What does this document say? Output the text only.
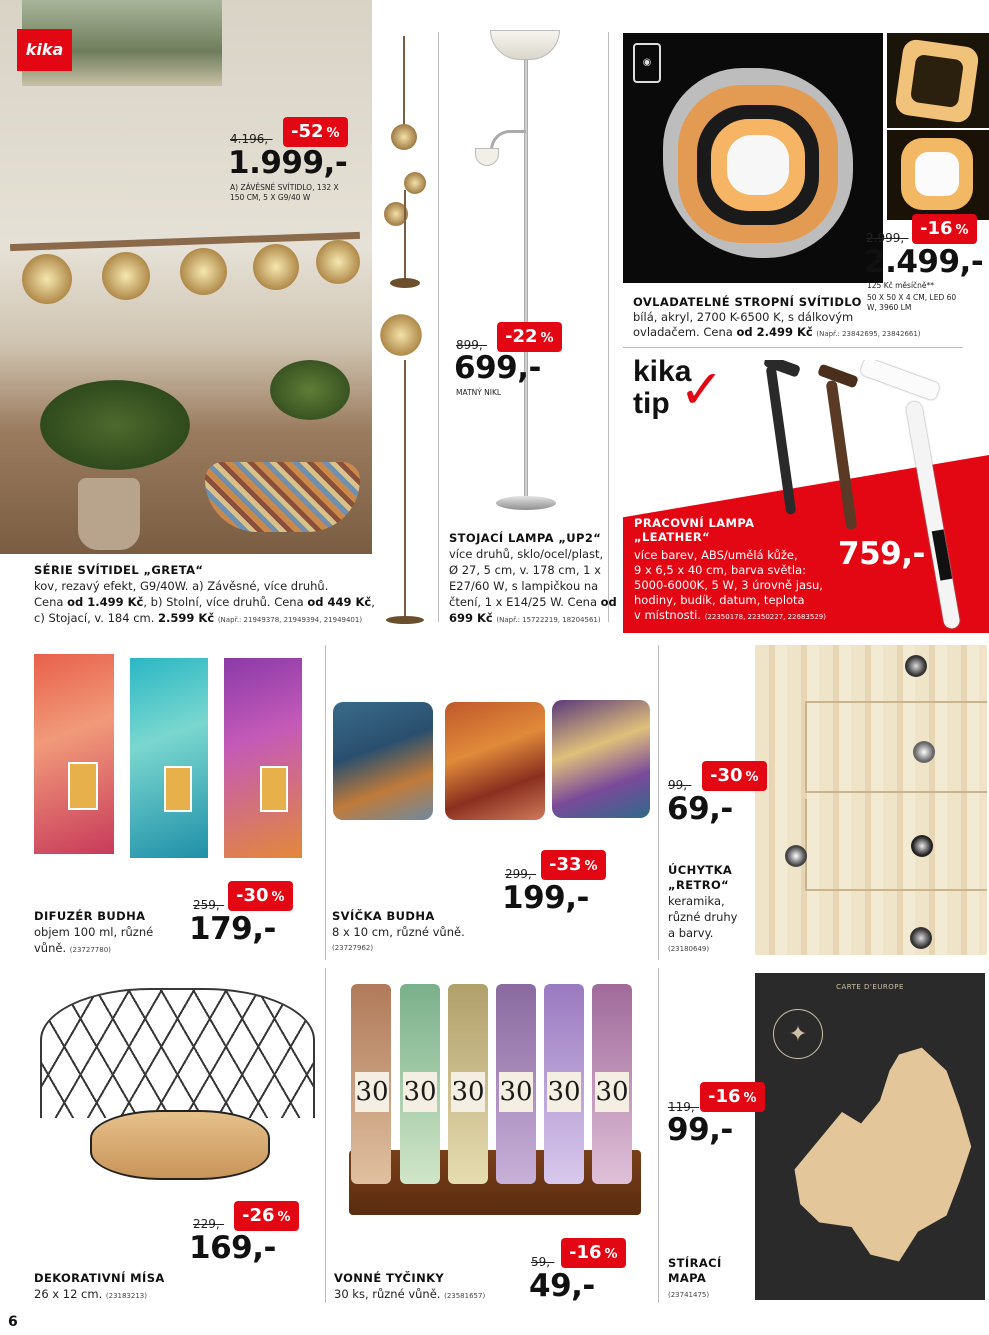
kika
4.196,-	-52 %
1.999,-
A) ZÁVĚSNÉ SVÍTIDLO, 132 X 150 CM, 5 X G9/40 W
899,- -22 %
699,-
MATNÝ NIKL
◉
2.999,- -16 %
2.499,-
125 Kč měsíčně**
50 X 50 X 4 CM, LED 60 W, 3960 LM
OVLADATELNÉ STROPNÍ SVÍTIDLO
bílá, akryl, 2700 K-6500 K, s dálkovým
ovladačem. Cena od 2.499 Kč (Např.: 23842695, 23842661)
kika
tip ✓
PRACOVNÍ LAMPA „LEATHER“	759,-
více barev, ABS/umělá kůže,
9 x 6,5 x 40 cm, barva světla:
5000-6000K, 5 W, 3 úrovně jasu,
hodiny, budík, datum, teplota
v místnosti. (22350178, 22350227, 22683529)
SÉRIE SVÍTIDEL „GRETA“
kov, rezavý efekt, G9/40W. a) Závěsné, více druhů.
Cena od 1.499 Kč, b) Stolní, více druhů. Cena od 449 Kč,
c) Stojací, v. 184 cm. 2.599 Kč (Např.: 21949378, 21949394, 21949401)
STOJACÍ LAMPA „UP2“
více druhů, sklo/ocel/plast,
Ø 27, 5 cm, v. 178 cm, 1 x
E27/60 W, s lampičkou na
čtení, 1 x E14/25 W. Cena od
699 Kč (Např.: 15722219, 18204561)
259,- -30 %
179,-
DIFUZÉR BUDHA
objem 100 ml, různé
vůně. (23727780)
299,- -33 %
199,-
SVÍČKA BUDHA
8 x 10 cm, různé vůně.
(23727962)
99,-	-30 %
69,-
ÚCHYTKA
„RETRO“
keramika,
různé druhy
a barvy.
(23180649)
229,- -26 %
169,-
DEKORATIVNÍ MÍSA
26 x 12 cm. (23183213)
30 30 30 30 30 30
59,- -16 %
49,-
VONNÉ TYČINKY
30 ks, různé vůně. (23581657)
CARTE D'EUROPE
✦
119,- -16 %
99,-
STÍRACÍ
MAPA
(23741475)
6
